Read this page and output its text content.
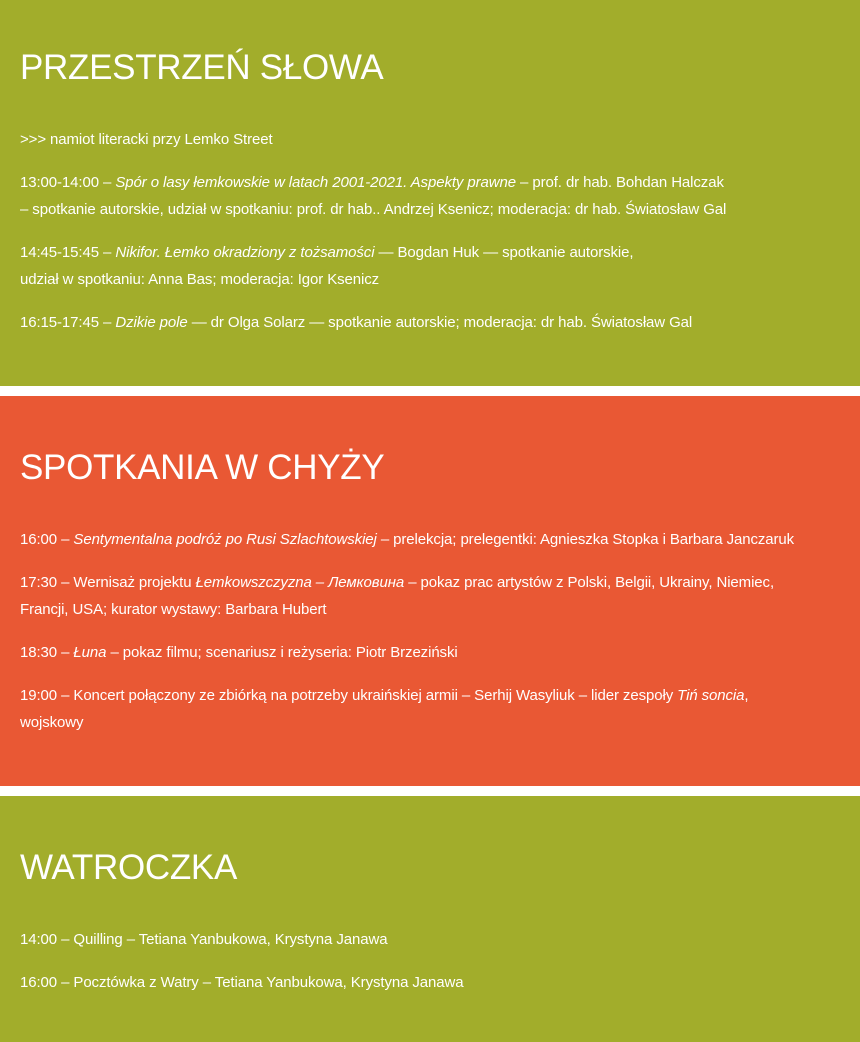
PRZESTRZEŃ SŁOWA

>>> namiot literacki przy Lemko Street

13:00-14:00 – Spór o lasy łemkowskie w latach 2001-2021. Aspekty prawne – prof. dr hab. Bohdan Halczak
– spotkanie autorskie, udział w spotkaniu: prof. dr hab.. Andrzej Ksenicz; moderacja: dr hab. Światosław Gal

14:45-15:45 – Nikifor. Łemko okradziony z tożsamości — Bogdan Huk — spotkanie autorskie,
udział w spotkaniu: Anna Bas; moderacja: Igor Ksenicz

16:15-17:45 – Dzikie pole — dr Olga Solarz — spotkanie autorskie; moderacja: dr hab. Światosław Gal

SPOTKANIA W CHYŻY

16:00 – Sentymentalna podróż po Rusi Szlachtowskiej – prelekcja; prelegentki: Agnieszka Stopka i Barbara Janczaruk

17:30 – Wernisaż projektu Łemkowszczyzna – Лемковина – pokaz prac artystów z Polski, Belgii, Ukrainy, Niemiec,
Francji, USA; kurator wystawy: Barbara Hubert

18:30 – Łuna – pokaz filmu; scenariusz i reżyseria: Piotr Brzeziński

19:00 – Koncert połączony ze zbiórką na potrzeby ukraińskiej armii – Serhij Wasyliuk – lider zespoły Tiń soncia,
wojskowy

WATROCZKA

14:00 – Quilling – Tetiana Yanbukowa, Krystyna Janawa

16:00 – Pocztówka z Watry – Tetiana Yanbukowa, Krystyna Janawa
